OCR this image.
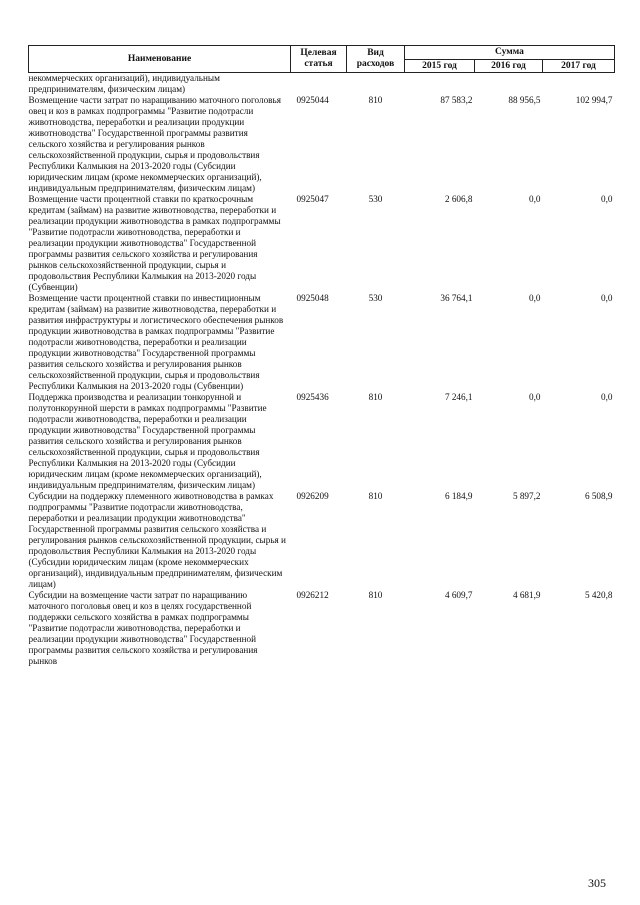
Наименование	Целевая статья	Вид расходов	Сумма		
			2015 год	2016 год	2017 год
некоммерческих организаций), индивидуальным предпринимателям, физическим лицам)					
Возмещение части затрат по наращиванию маточного поголовья овец и коз в рамках подпрограммы "Развитие подотрасли животноводства, переработки и реализации продукции животноводства" Государственной программы развития сельского хозяйства и регулирования рынков сельскохозяйственной продукции, сырья и продовольствия Республики Калмыкия на 2013-2020 годы (Субсидии юридическим лицам (кроме некоммерческих организаций), индивидуальным предпринимателям, физическим лицам)	0925044	810	87 583,2	88 956,5	102 994,7
Возмещение части процентной ставки по краткосрочным кредитам (займам) на развитие животноводства, переработки и реализации продукции животноводства в рамках подпрограммы "Развитие подотрасли животноводства, переработки и реализации продукции животноводства" Государственной программы развития сельского хозяйства и регулирования рынков сельскохозяйственной продукции, сырья и продовольствия Республики Калмыкия на 2013-2020 годы (Субвенции)	0925047	530	2 606,8	0,0	0,0
Возмещение части процентной ставки по инвестиционным кредитам (займам) на развитие животноводства, переработки и развития инфраструктуры и логистического обеспечения рынков продукции животноводства в рамках подпрограммы "Развитие подотрасли животноводства, переработки и реализации продукции животноводства" Государственной программы развития сельского хозяйства и регулирования рынков сельскохозяйственной продукции, сырья и продовольствия Республики Калмыкия на 2013-2020 годы (Субвенции)	0925048	530	36 764,1	0,0	0,0
Поддержка производства и реализации тонкорунной и полутонкорунной шерсти в рамках подпрограммы "Развитие подотрасли животноводства, переработки и реализации продукции животноводства" Государственной программы развития сельского хозяйства и регулирования рынков сельскохозяйственной продукции, сырья и продовольствия Республики Калмыкия на 2013-2020 годы (Субсидии юридическим лицам (кроме некоммерческих организаций), индивидуальным предпринимателям, физическим лицам)	0925436	810	7 246,1	0,0	0,0
Субсидии на поддержку племенного животноводства в рамках подпрограммы "Развитие подотрасли животноводства, переработки и реализации продукции животноводства" Государственной программы развития сельского хозяйства и регулирования рынков сельскохозяйственной продукции, сырья и продовольствия Республики Калмыкия на 2013-2020 годы (Субсидии юридическим лицам (кроме некоммерческих организаций), индивидуальным предпринимателям, физическим лицам)	0926209	810	6 184,9	5 897,2	6 508,9
Субсидии на возмещение части затрат по наращиванию маточного поголовья овец и коз в целях государственной поддержки сельского хозяйства в рамках подпрограммы "Развитие подотрасли животноводства, переработки и реализации продукции животноводства" Государственной программы развития сельского хозяйства и регулирования рынков	0926212	810	4 609,7	4 681,9	5 420,8
305
